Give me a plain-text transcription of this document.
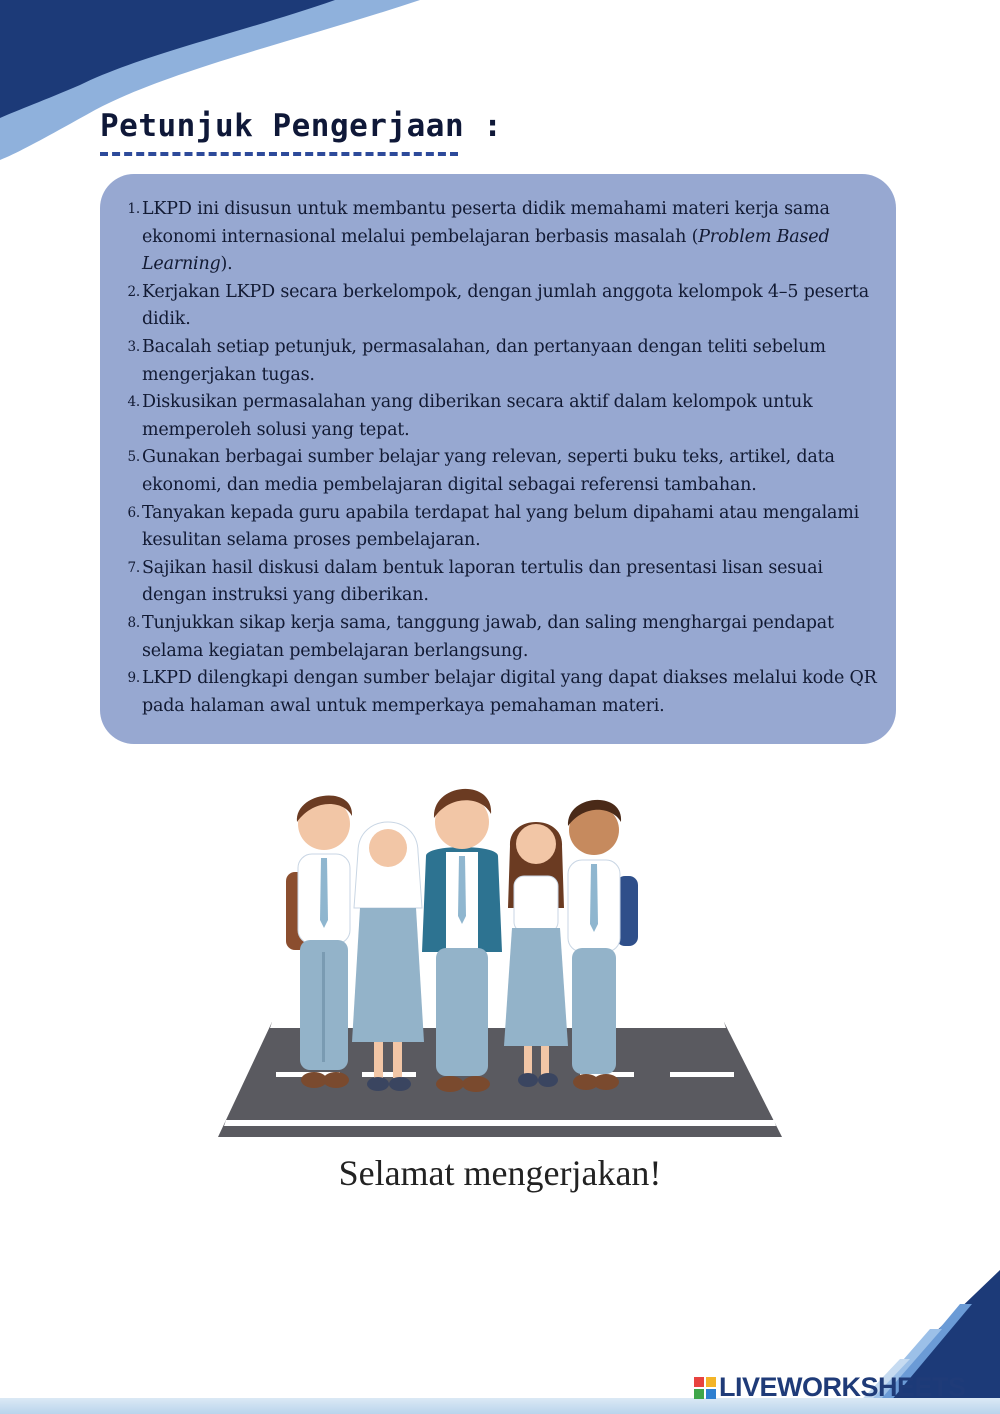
Petunjuk Pengerjaan :
1. LKPD ini disusun untuk membantu peserta didik memahami materi kerja sama ekonomi internasional melalui pembelajaran berbasis masalah (Problem Based Learning).
2. Kerjakan LKPD secara berkelompok, dengan jumlah anggota kelompok 4–5 peserta didik.
3. Bacalah setiap petunjuk, permasalahan, dan pertanyaan dengan teliti sebelum mengerjakan tugas.
4. Diskusikan permasalahan yang diberikan secara aktif dalam kelompok untuk memperoleh solusi yang tepat.
5. Gunakan berbagai sumber belajar yang relevan, seperti buku teks, artikel, data ekonomi, dan media pembelajaran digital sebagai referensi tambahan.
6. Tanyakan kepada guru apabila terdapat hal yang belum dipahami atau mengalami kesulitan selama proses pembelajaran.
7. Sajikan hasil diskusi dalam bentuk laporan tertulis dan presentasi lisan sesuai dengan instruksi yang diberikan.
8. Tunjukkan sikap kerja sama, tanggung jawab, dan saling menghargai pendapat selama kegiatan pembelajaran berlangsung.
9. LKPD dilengkapi dengan sumber belajar digital yang dapat diakses melalui kode QR pada halaman awal untuk memperkaya pemahaman materi.

Selamat mengerjakan!

LIVEWORKSHEETS
